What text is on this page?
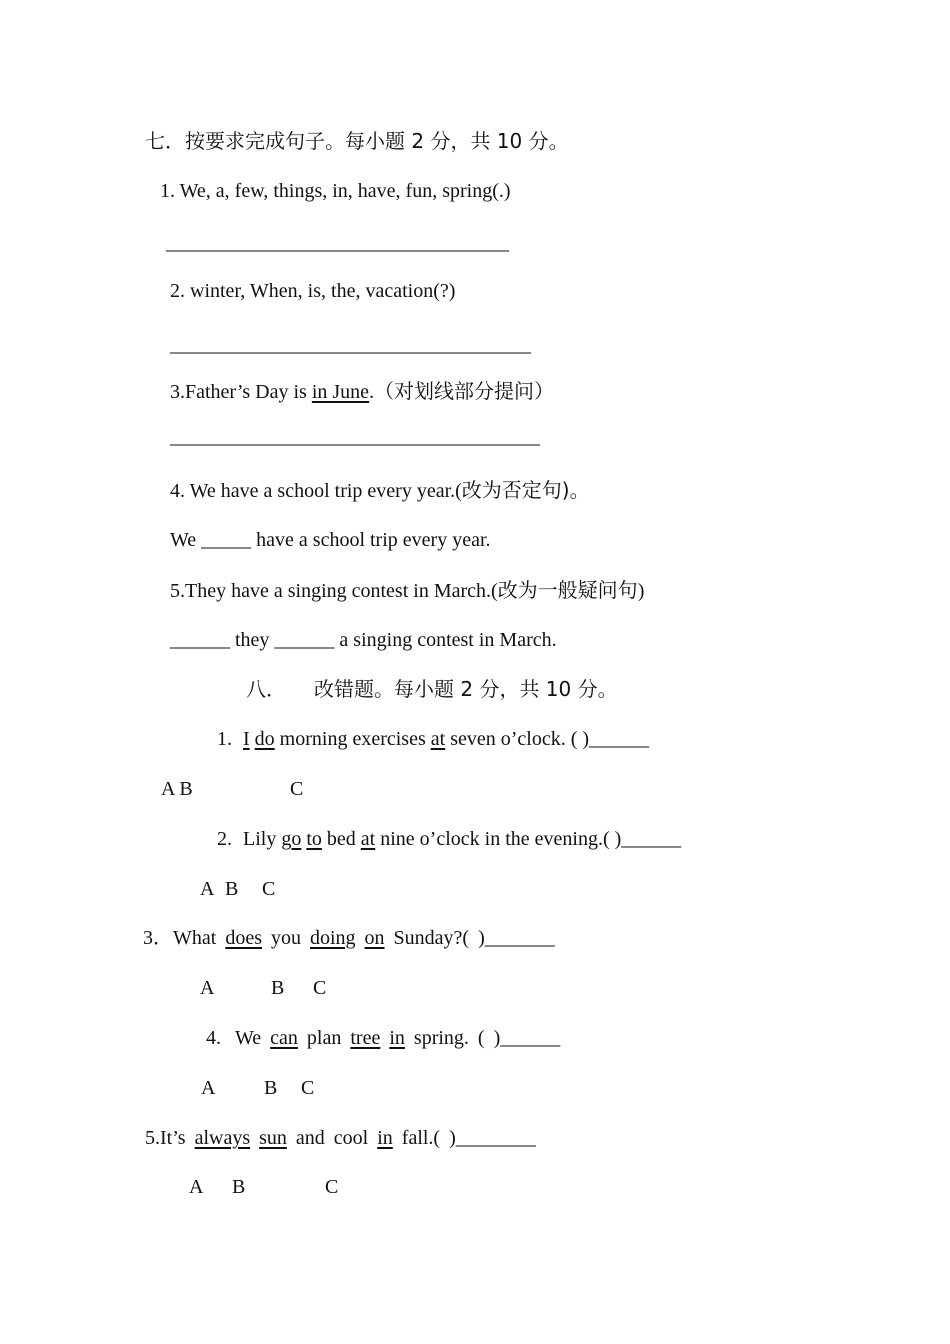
七．按要求完成句子。每小题 2 分，共 10 分。
1. We, a, few, things, in, have, fun, spring(.)
______________________________________
2. winter, When, is, the, vacation(?)
________________________________________
3.Father’s Day is in June.（对划线部分提问）
_________________________________________
4. We have a school trip every year.(改为否定句)。
We _____ have a school trip every year.
5.They have a singing contest in March.(改为一般疑问句)
______ they ______ a singing contest in March.
八． 改错题。每小题 2 分，共 10 分。
1. I do morning exercises at seven o’clock. ( )______
A B	C
2. Lily go to bed at nine o’clock in the evening.( )______
A B C
3．What does you doing on Sunday?( )_______
A	B C
4. We can plan tree in spring. ( )______
A B C
5.It’s always sun and cool in fall.( )________
A B	C
